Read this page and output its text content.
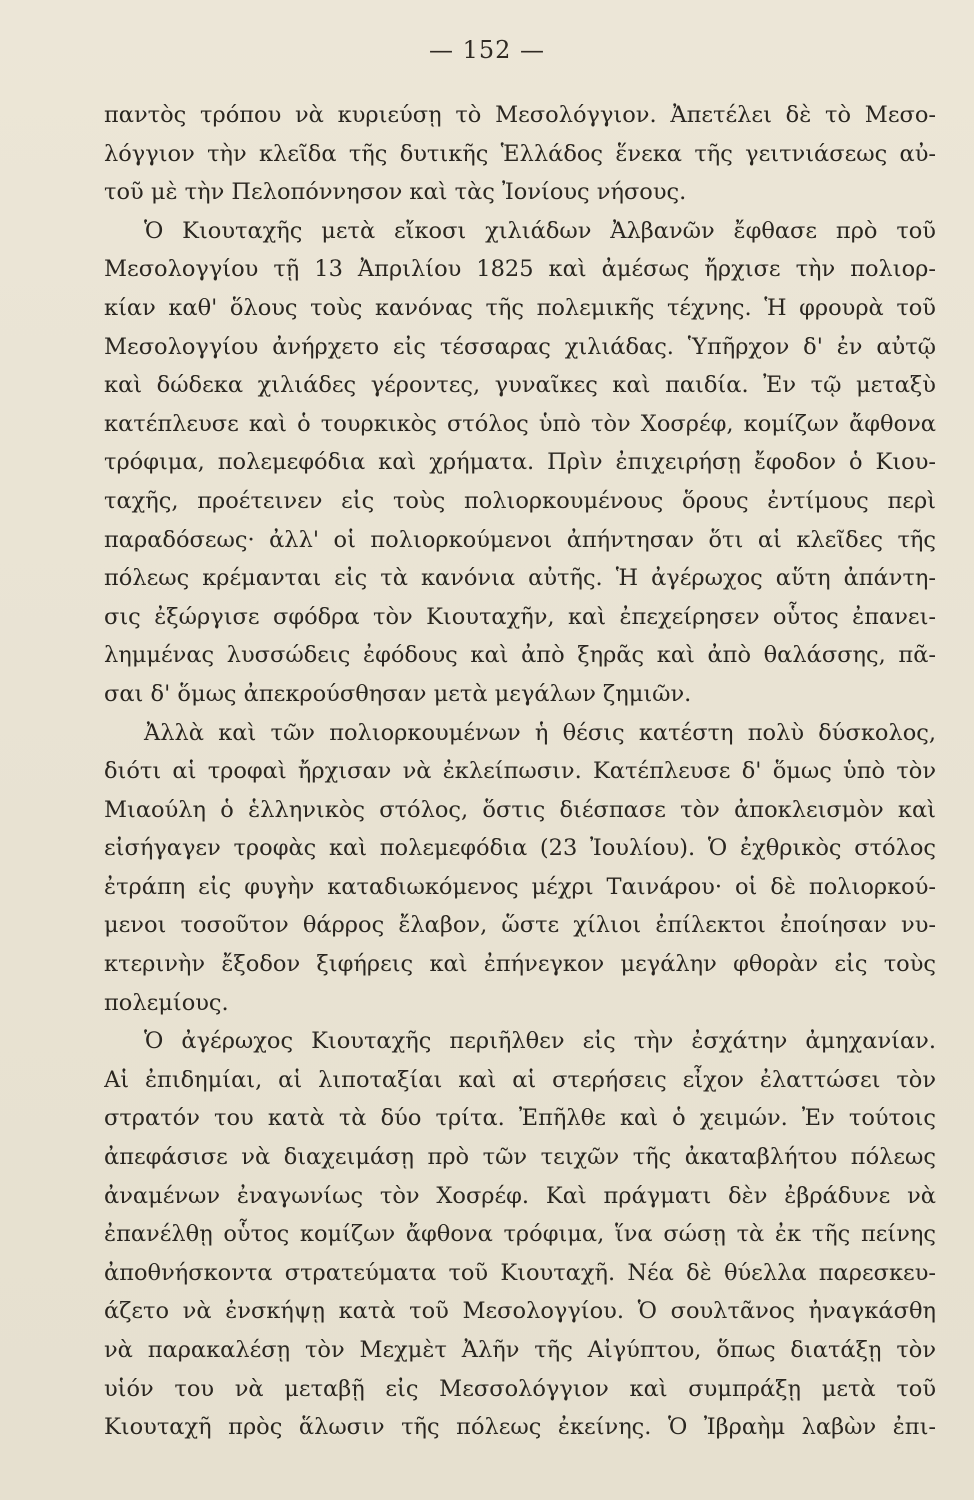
— 152 —
παντὸς τρόπου νὰ κυριεύσῃ τὸ Μεσολόγγιον. Ἀπετέλει δὲ τὸ Μεσο-
λόγγιον τὴν κλεῖδα τῆς δυτικῆς Ἑλλάδος ἕνεκα τῆς γειτνιάσεως αὐ-
τοῦ μὲ τὴν Πελοπόννησον καὶ τὰς Ἰονίους νήσους.
Ὁ Κιουταχῆς μετὰ εἴκοσι χιλιάδων Ἀλβανῶν ἔφθασε πρὸ τοῦ
Μεσολογγίου τῇ 13 Ἀπριλίου 1825 καὶ ἀμέσως ἤρχισε τὴν πολιορ-
κίαν καθ' ὅλους τοὺς κανόνας τῆς πολεμικῆς τέχνης. Ἡ φρουρὰ τοῦ
Μεσολογγίου ἀνήρχετο εἰς τέσσαρας χιλιάδας. Ὑπῆρχον δ' ἐν αὐτῷ
καὶ δώδεκα χιλιάδες γέροντες, γυναῖκες καὶ παιδία. Ἐν τῷ μεταξὺ
κατέπλευσε καὶ ὁ τουρκικὸς στόλος ὑπὸ τὸν Χοσρέφ, κομίζων ἄφθονα
τρόφιμα, πολεμεφόδια καὶ χρήματα. Πρὶν ἐπιχειρήσῃ ἔφοδον ὁ Κιου-
ταχῆς, προέτεινεν εἰς τοὺς πολιορκουμένους ὅρους ἐντίμους περὶ
παραδόσεως· ἀλλ' οἱ πολιορκούμενοι ἀπήντησαν ὅτι αἱ κλεῖδες τῆς
πόλεως κρέμανται εἰς τὰ κανόνια αὐτῆς. Ἡ ἀγέρωχος αὕτη ἀπάντη-
σις ἐξώργισε σφόδρα τὸν Κιουταχῆν, καὶ ἐπεχείρησεν οὗτος ἐπανει-
λημμένας λυσσώδεις ἐφόδους καὶ ἀπὸ ξηρᾶς καὶ ἀπὸ θαλάσσης, πᾶ-
σαι δ' ὅμως ἀπεκρούσθησαν μετὰ μεγάλων ζημιῶν.
Ἀλλὰ καὶ τῶν πολιορκουμένων ἡ θέσις κατέστη πολὺ δύσκολος,
διότι αἱ τροφαὶ ἤρχισαν νὰ ἐκλείπωσιν. Κατέπλευσε δ' ὅμως ὑπὸ τὸν
Μιαούλη ὁ ἑλληνικὸς στόλος, ὅστις διέσπασε τὸν ἀποκλεισμὸν καὶ
εἰσήγαγεν τροφὰς καὶ πολεμεφόδια (23 Ἰουλίου). Ὁ ἐχθρικὸς στόλος
ἐτράπη εἰς φυγὴν καταδιωκόμενος μέχρι Ταινάρου· οἱ δὲ πολιορκού-
μενοι τοσοῦτον θάρρος ἔλαβον, ὥστε χίλιοι ἐπίλεκτοι ἐποίησαν νυ-
κτερινὴν ἔξοδον ξιφήρεις καὶ ἐπήνεγκον μεγάλην φθορὰν εἰς τοὺς
πολεμίους.
Ὁ ἀγέρωχος Κιουταχῆς περιῆλθεν εἰς τὴν ἐσχάτην ἀμηχανίαν.
Αἱ ἐπιδημίαι, αἱ λιποταξίαι καὶ αἱ στερήσεις εἶχον ἐλαττώσει τὸν
στρατόν του κατὰ τὰ δύο τρίτα. Ἐπῆλθε καὶ ὁ χειμών. Ἐν τούτοις
ἀπεφάσισε νὰ διαχειμάσῃ πρὸ τῶν τειχῶν τῆς ἀκαταβλήτου πόλεως
ἀναμένων ἐναγωνίως τὸν Χοσρέφ. Καὶ πράγματι δὲν ἐβράδυνε νὰ
ἐπανέλθῃ οὗτος κομίζων ἄφθονα τρόφιμα, ἵνα σώσῃ τὰ ἐκ τῆς πείνης
ἀποθνήσκοντα στρατεύματα τοῦ Κιουταχῆ. Νέα δὲ θύελλα παρεσκευ-
άζετο νὰ ἐνσκήψῃ κατὰ τοῦ Μεσολογγίου. Ὁ σουλτᾶνος ἠναγκάσθη
νὰ παρακαλέσῃ τὸν Μεχμὲτ Ἀλῆν τῆς Αἰγύπτου, ὅπως διατάξῃ τὸν
υἱόν του νὰ μεταβῇ εἰς Μεσσολόγγιον καὶ συμπράξῃ μετὰ τοῦ
Κιουταχῆ πρὸς ἅλωσιν τῆς πόλεως ἐκείνης. Ὁ Ἰβραὴμ λαβὼν ἐπι-
